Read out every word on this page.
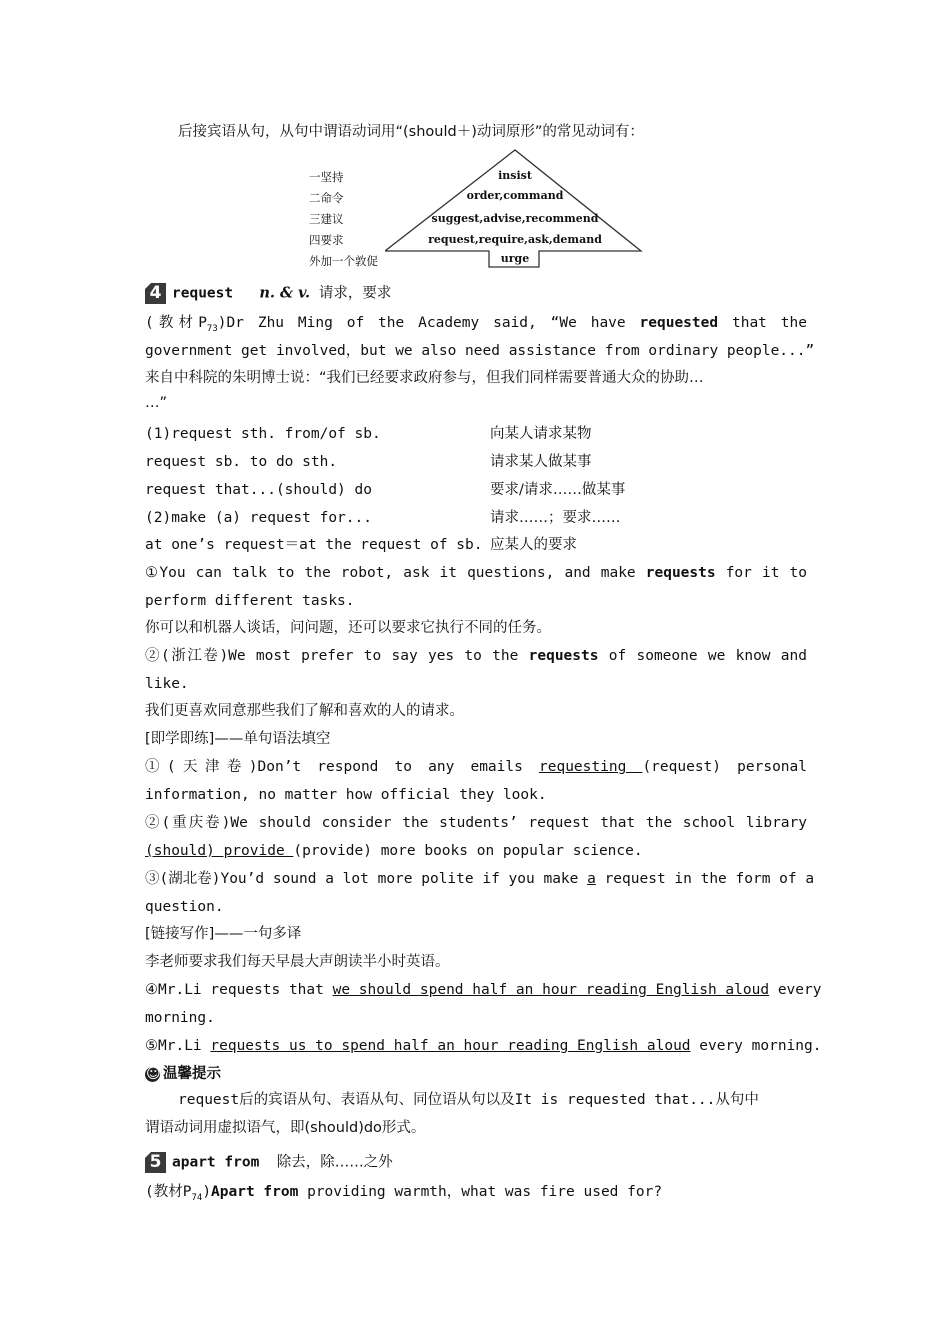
后接宾语从句，从句中谓语动词用“(should＋)动词原形”的常见动词有：
一坚持
二命令
三建议
四要求
外加一个敦促
insist
order,command
suggest,advise,recommend
request,require,ask,demand
urge
4 request n. & v. 请求，要求
(教材$P_{73})Dr$ Zhu Ming of the Academy said, “We have requested that the
government get involved，but we also need assistance from ordinary people...”
来自中科院的朱明博士说：“我们已经要求政府参与，但我们同样需要普通大众的协助…
…”
(1)request sth. from/of sb.	向某人请求某物
request sb. to do sth.	请求某人做某事
request that...(should) do	要求/请求……做某事
(2)make (a) request for...	请求……；要求……
at one’s request＝at the request of sb. 应某人的要求
①You can talk to the robot, ask it questions, and make requests for it to
perform different tasks.
你可以和机器人谈话，问问题，还可以要求它执行不同的任务。
②(浙江卷)We most prefer to say yes to the requests of someone we know and
like.
我们更喜欢同意那些我们了解和喜欢的人的请求。
[即学即练]——单句语法填空
①(天津卷)Don’t respond to any emails requesting (request) personal
information, no matter how official they look.
②(重庆卷)We should consider the students’ request that the school library
(should) provide (provide) more books on popular science.
③(湖北卷)You’d sound a lot more polite if you make a request in the form of a
question.
[链接写作]——一句多译
李老师要求我们每天早晨大声朗读半小时英语。
④Mr.Li requests that we should spend half an hour reading English aloud every
morning.
⑤Mr.Li requests us to spend half an hour reading English aloud every morning.
☺温馨提示
request后的宾语从句、表语从句、同位语从句以及It is requested that...从句中
谓语动词用虚拟语气，即(should)do形式。
5 apart from 除去，除……之外
(教材$P_{74})Apart$ from providing warmth，what was fire used for?
